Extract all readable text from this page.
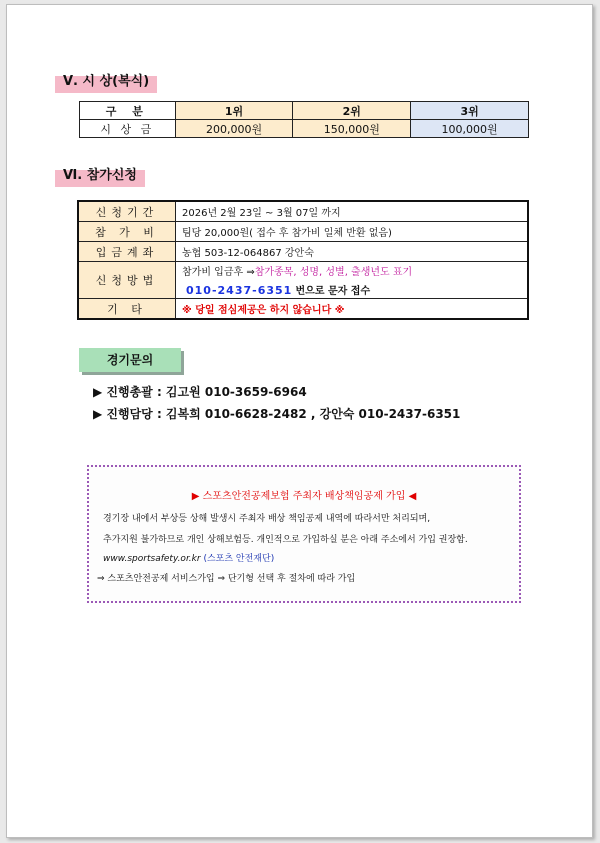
Ⅴ. 시 상(복식)
구 분	1위	2위	3위
시 상 금	200,000원	150,000원	100,000원
Ⅵ. 참가신청
신청기간	2026년 2월 23일 ~ 3월 07일 까지
참 가 비	팀당 20,000원( 접수 후 참가비 일체 반환 없음)
입금계좌	농협 503-12-064867 강안숙
신청방법	참가비 입금후 ⇒참가종목, 성명, 성별, 출생년도 표기
010-2437-6351 번으로 문자 접수

기 타	※ 당일 점심제공은 하지 않습니다 ※
경기문의
▶ 진행총괄 : 김고원 010-3659-6964
▶ 진행담당 : 김복희 010-6628-2482 , 강안숙 010-2437-6351
▶ 스포츠안전공제보험 주최자 배상책임공제 가입 ◀
경기장 내에서 부상등 상해 발생시 주최자 배상 책임공제 내역에 따라서만 처리되며,
추가지원 불가하므로 개인 상해보험등. 개인적으로 가입하실 분은 아래 주소에서 가입 권장함.
www.sportsafety.or.kr (스포츠 안전재단)
⇒ 스포츠안전공제 서비스가입 ⇒ 단기형 선택 후 절차에 따라 가입
